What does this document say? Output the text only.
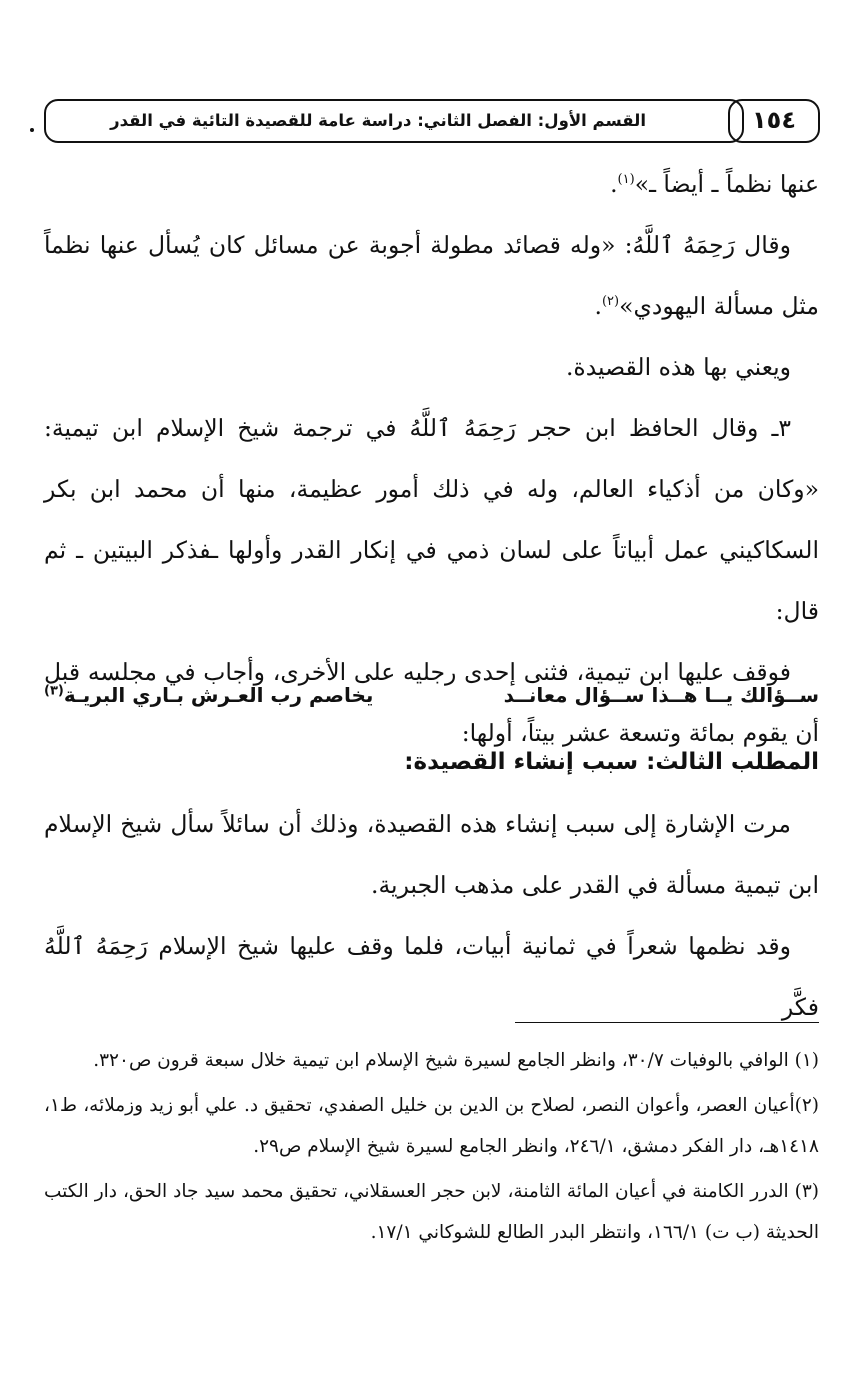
القسم الأول: الفصل الثاني: دراسة عامة للقصيدة التائية في القدر	١٥٤

عنها نظماً ـ أيضاً ـ»$^{(١)}$.

وقال رَحِمَهُ ٱللَّهُ: «وله قصائد مطولة أجوبة عن مسائل كان يُسأل عنها نظماً مثل مسألة اليهودي»$^{(٢)}$.

ويعني بها هذه القصيدة.

٣ـ وقال الحافظ ابن حجر رَحِمَهُ ٱللَّهُ في ترجمة شيخ الإسلام ابن تيمية: «وكان من أذكياء العالم، وله في ذلك أمور عظيمة، منها أن محمد ابن بكر السكاكيني عمل أبياتاً على لسان ذمي في إنكار القدر وأولها ـفذكر البيتين ـ ثم قال:

فوقف عليها ابن تيمية، فثنى إحدى رجليه على الأخرى، وأجاب في مجلسه قبل أن يقوم بمائة وتسعة عشر بيتاً، أولها:

ســؤالك يــا هــذا ســؤال معانــد
يخاصم رب العـرش بـاري البريـة$^{(٣)}$
المطلب الثالث: سبب إنشاء القصيدة:

مرت الإشارة إلى سبب إنشاء هذه القصيدة، وذلك أن سائلاً سأل شيخ الإسلام ابن تيمية مسألة في القدر على مذهب الجبرية.

وقد نظمها شعراً في ثمانية أبيات، فلما وقف عليها شيخ الإسلام رَحِمَهُ ٱللَّهُ فكَّر

(١) الوافي بالوفيات ٣٠/٧، وانظر الجامع لسيرة شيخ الإسلام ابن تيمية خلال سبعة قرون ص٣٢٠.

(٢)أعيان العصر، وأعوان النصر، لصلاح بن الدين بن خليل الصفدي، تحقيق د. علي أبو زيد وزملائه، ط١، ١٤١٨هـ، دار الفكر دمشق، ٢٤٦/١، وانظر الجامع لسيرة شيخ الإسلام ص٢٩.

(٣) الدرر الكامنة في أعيان المائة الثامنة، لابن حجر العسقلاني، تحقيق محمد سيد جاد الحق، دار الكتب الحديثة (ب ت) ١٦٦/١، وانتظر البدر الطالع للشوكاني ١٧/١.
